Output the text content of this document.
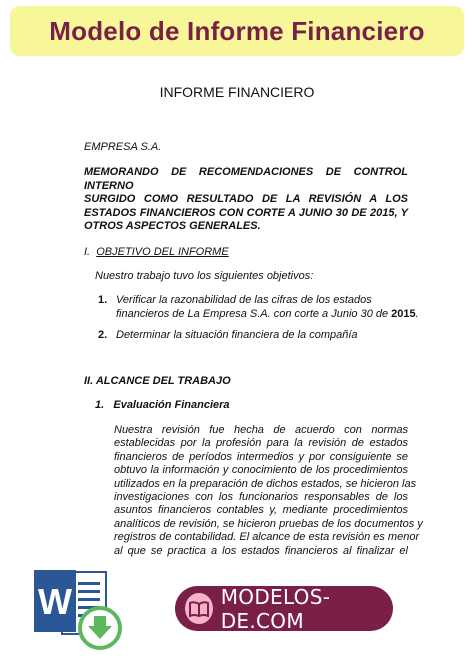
Modelo de Informe Financiero
INFORME FINANCIERO
EMPRESA S.A.
MEMORANDO DE RECOMENDACIONES DE CONTROL INTERNO
SURGIDO COMO RESULTADO DE LA REVISIÓN A LOS
ESTADOS FINANCIEROS CON CORTE A JUNIO 30 DE 2015, Y
OTROS ASPECTOS GENERALES.
I. OBJETIVO DEL INFORME
Nuestro trabajo tuvo los siguientes objetivos:
1. Verificar la razonabilidad de las cifras de los estados
financieros de La Empresa S.A. con corte a Junio 30 de 2015.
2. Determinar la situación financiera de la compañía
II. ALCANCE DEL TRABAJO
1. Evaluación Financiera
Nuestra revisión fue hecha de acuerdo con normas
establecidas por la profesión para la revisión de estados
financieros de períodos intermedios y por consiguiente se
obtuvo la información y conocimiento de los procedimientos
utilizados en la preparación de dichos estados, se hicieron las
investigaciones con los funcionarios responsables de los
asuntos financieros contables y, mediante procedimientos
analíticos de revisión, se hicieron pruebas de los documentos y
registros de contabilidad. El alcance de esta revisión es menor
al que se practica a los estados financieros al finalizar el
W	MODELOS-DE.COM
